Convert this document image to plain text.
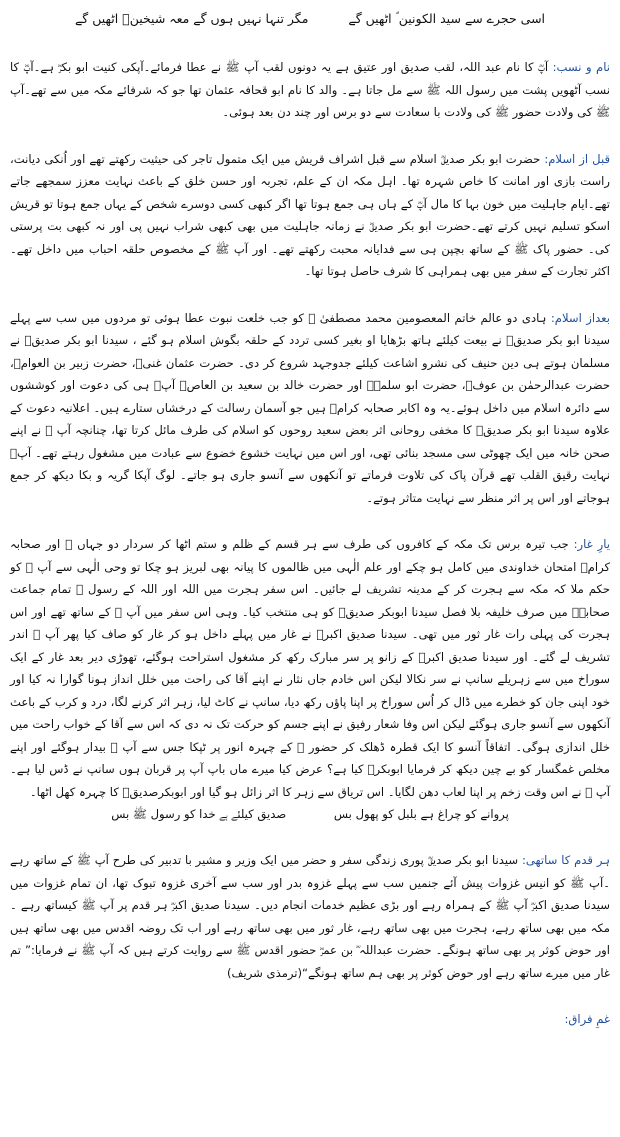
اسی حجرے سے سید الکونین ؐ اٹھیں گے مگر تنہا نہیں ہوں گے معہ شیخینؓ اٹھیں گے

نام و نسب: آپؓ کا نام عبد اللہ، لقب صدیق اور عتیق ہے یہ دونوں لقب آپ ﷺ نے عطا فرمائے۔آپکی کنیت ابو بکرؓ ہے۔آپؓ کا نسب آٹھویں پشت میں رسول اللہ ﷺ سے مل جاتا ہے۔ والد کا نام ابو قحافہ عثمان تھا جو کہ شرفائے مکہ میں سے تھے۔آپ ﷺ کی ولادت حضور ﷺ کی ولادت با سعادت سے دو برس اور چند دن بعد ہوئی۔

قبل از اسلام: حضرت ابو بکر صدیقؓ اسلام سے قبل اشراف قریش میں ایک متمول تاجر کی حیثیت رکھتے تھے اور اُنکی دیانت، راست بازی اور امانت کا خاص شہرہ تھا۔ اہل مکہ ان کے علم، تجربہ اور حسن خلق کے باعث نہایت معزز سمجھے جاتے تھے۔ایام جاہلیت میں خون بہا کا مال آپؓ کے ہاں ہی جمع ہوتا تھا اگر کبھی کسی دوسرے شخص کے یہاں جمع ہوتا تو قریش اسکو تسلیم نہیں کرتے تھے۔حضرت ابو بکر صدیقؓ نے زمانہ جاہلیت میں بھی کبھی شراب نہیں پی اور نہ کبھی بت پرستی کی۔ حضور پاک ﷺ کے ساتھ بچپن ہی سے فدایانہ محبت رکھتے تھے۔ اور آپ ﷺ کے مخصوص حلقہ احباب میں داخل تھے۔ اکثر تجارت کے سفر میں بھی ہمراہی کا شرف حاصل ہوتا تھا۔

بعداز اسلام: ہادی دو عالم خاتم المعصومین محمد مصطفیٰ ﷺ کو جب خلعت نبوت عطا ہوئی تو مردوں میں سب سے پہلے سیدنا ابو بکر صدیقؓ نے بیعت کیلئے ہاتھ بڑھایا او بغیر کسی تردد کے حلقہ بگوش اسلام ہو گئے ، سیدنا ابو بکر صدیقؓ نے مسلمان ہوتے ہی دین حنیف کی نشرو اشاعت کیلئے جدوجہد شروع کر دی۔ حضرت عثمان غنیؓ، حضرت زبیر بن العوامؓ، حضرت عبدالرحمٰن بن عوفؓ، حضرت ابو سلمہؓ اور حضرت خالد بن سعید بن العاصؓ آپؓ ہی کی دعوت اور کوششوں سے دائرہ اسلام میں داخل ہوئے۔یہ وہ اکابر صحابہ کرامؓ ہیں جو آسمان رسالت کے درخشاں ستارے ہیں۔ اعلانیہ دعوت کے علاوہ سیدنا ابو بکر صدیقؓ کا مخفی روحانی اثر بعض سعید روحوں کو اسلام کی طرف مائل کرتا تھا، چنانچہ آپ ﷺ نے اپنے صحن خانہ میں ایک چھوٹی سی مسجد بنائی تھی، اور اس میں نہایت خشوع خضوع سے عبادت میں مشغول رہتے تھے۔ آپؓ نہایت رقیق القلب تھے قرآن پاک کی تلاوت فرماتے تو آنکھوں سے آنسو جاری ہو جاتے۔ لوگ آپکا گریہ و بکا دیکھ کر جمع ہوجاتے اور اس پر اثر منظر سے نہایت متاثر ہوتے۔

یارِ غار: جب تیرہ برس تک مکہ کے کافروں کی طرف سے ہر قسم کے ظلم و ستم اٹھا کر سردار دو جہاں ﷺ اور صحابہ کرامؓ امتحان خداوندی میں کامل ہو چکے اور علم الٰہی میں ظالموں کا پیانہ بھی لبریز ہو چکا تو وحی الٰہی سے آپ ﷺ کو حکم ملا کہ مکہ سے ہجرت کر کے مدینہ تشریف لے جائیں۔ اس سفر ہجرت میں اللہ اور اللہ کے رسول ﷺ تمام جماعت صحابہؓ میں صرف خلیفہ بلا فصل سیدنا ابوبکر صدیقؓ کو ہی منتخب کیا۔ وہی اس سفر میں آپ ﷺ کے ساتھ تھے اور اس ہجرت کی پہلی رات غار ثور میں تھی۔ سیدنا صدیق اکبرؓ نے غار میں پہلے داخل ہو کر غار کو صاف کیا پھر آپ ﷺ اندر تشریف لے گئے۔ اور سیدنا صدیق اکبرؓ کے زانو پر سر مبارک رکھ کر مشغول استراحت ہوگئے، تھوڑی دیر بعد غار کے ایک سوراخ میں سے زہریلے سانپ نے سر نکالا لیکن اس خادم جاں نثار نے اپنے آقا کی راحت میں خلل انداز ہونا گوارا نہ کیا اور خود اپنی جان کو خطرے میں ڈال کر اُس سوراخ پر اپنا پاؤں رکھ دیا، سانپ نے کاٹ لیا، زہر اثر کرنے لگا، درد و کرب کے باعث آنکھوں سے آنسو جاری ہوگئے لیکن اس وفا شعار رفیق نے اپنے جسم کو حرکت تک نہ دی کہ اس سے آقا کے خواب راحت میں خلل اندازی ہوگی۔ اتفاقاً آنسو کا ایک قطرہ ڈھلک کر حضور ﷺ کے چہرہ انور پر ٹپکا جس سے آپ ﷺ بیدار ہوگئے اور اپنے مخلص غمگسار کو بے چین دیکھ کر فرمایا ابوبکرؓ کیا ہے؟ عرض کیا میرے ماں باپ آپ پر قربان ہوں سانپ نے ڈس لیا ہے۔ آپ ﷺ نے اس وقت زخم پر اپنا لعاب دھن لگایا۔ اس تریاق سے زہر کا اثر زائل ہو گیا اور ابوبکرصدیقؓ کا چہرہ کھل اٹھا۔

پروانے کو چراغ ہے بلبل کو پھول بس صدیق کیلئے ہے خدا کو رسول ﷺ بس

ہر قدم کا ساتھی: سیدنا ابو بکر صدیقؓ پوری زندگی سفر و حضر میں ایک وزیر و مشیر با تدبیر کی طرح آپ ﷺ کے ساتھ رہے ۔آپ ﷺ کو انیس غزوات پیش آئے جنمیں سب سے پہلے غزوہ بدر اور سب سے آخری غزوہ تبوک تھا، ان تمام غزوات میں سیدنا صدیق اکبرؓ آپ ﷺ کے ہمراہ رہے اور بڑی عظیم خدمات انجام دیں۔ سیدنا صدیق اکبرؓ ہر قدم پر آپ ﷺ کیساتھ رہے ۔ مکہ میں بھی ساتھ رہے، ہجرت میں بھی ساتھ رہے، غار ثور میں بھی ساتھ رہے اور اب تک روضہ اقدس میں بھی ساتھ ہیں اور حوض کوثر پر بھی ساتھ ہونگے۔ حضرت عبداللہ ؓ بن عمرؓ حضور اقدس ﷺ سے روایت کرتے ہیں کہ آپ ﷺ نے فرمایا:” تم غار میں میرے ساتھ رہے اور حوض کوثر پر بھی ہم ساتھ ہونگے“(ترمذی شریف)

غمِ فراق:
